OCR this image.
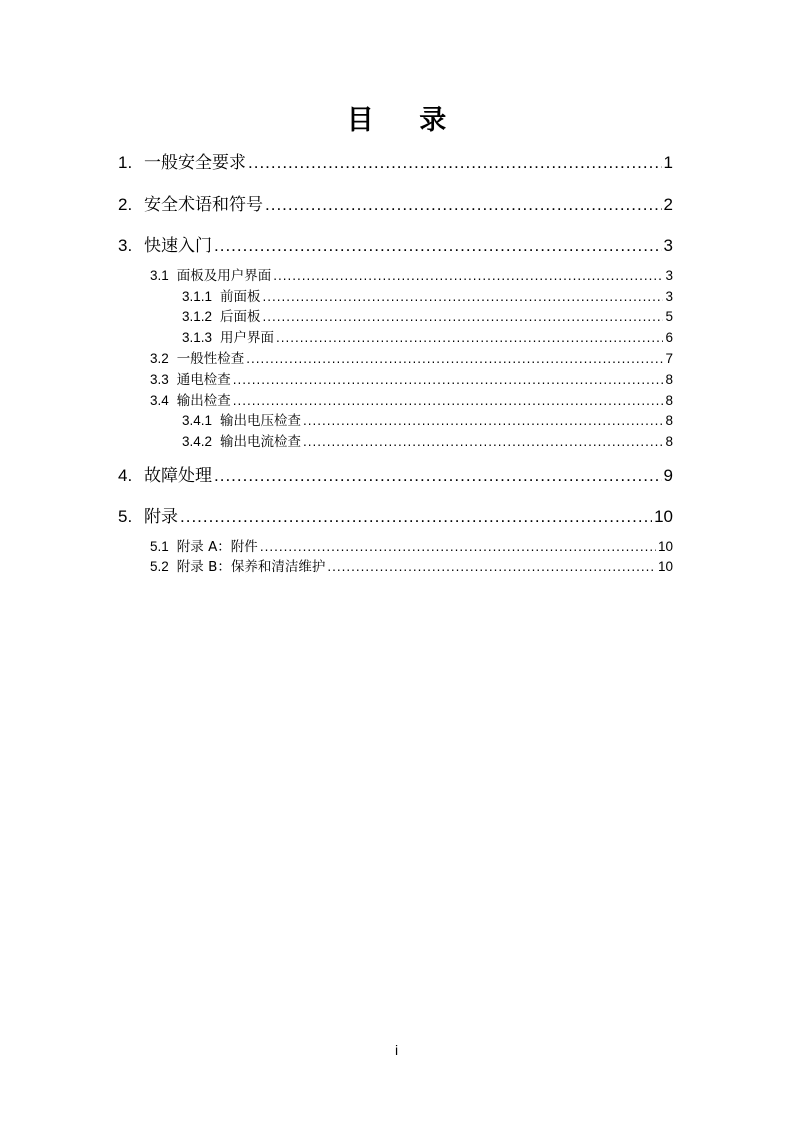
目 录
1. 一般安全要求 .....	1
2. 安全术语和符号 .....	2
3. 快速入门 .....	3
3.1 面板及用户界面 .....	3
3.1.1 前面板 .....	3
3.1.2 后面板 .....	5
3.1.3 用户界面 .....	6
3.2 一般性检查 .....	7
3.3 通电检查 .....	8
3.4 输出检查 .....	8
3.4.1 输出电压检查 .....	8
3.4.2 输出电流检查 .....	8
4. 故障处理 .....	9
5. 附录 .....	10
5.1 附录 A：附件 .....	10
5.2 附录 B：保养和清洁维护 .....	10
i
